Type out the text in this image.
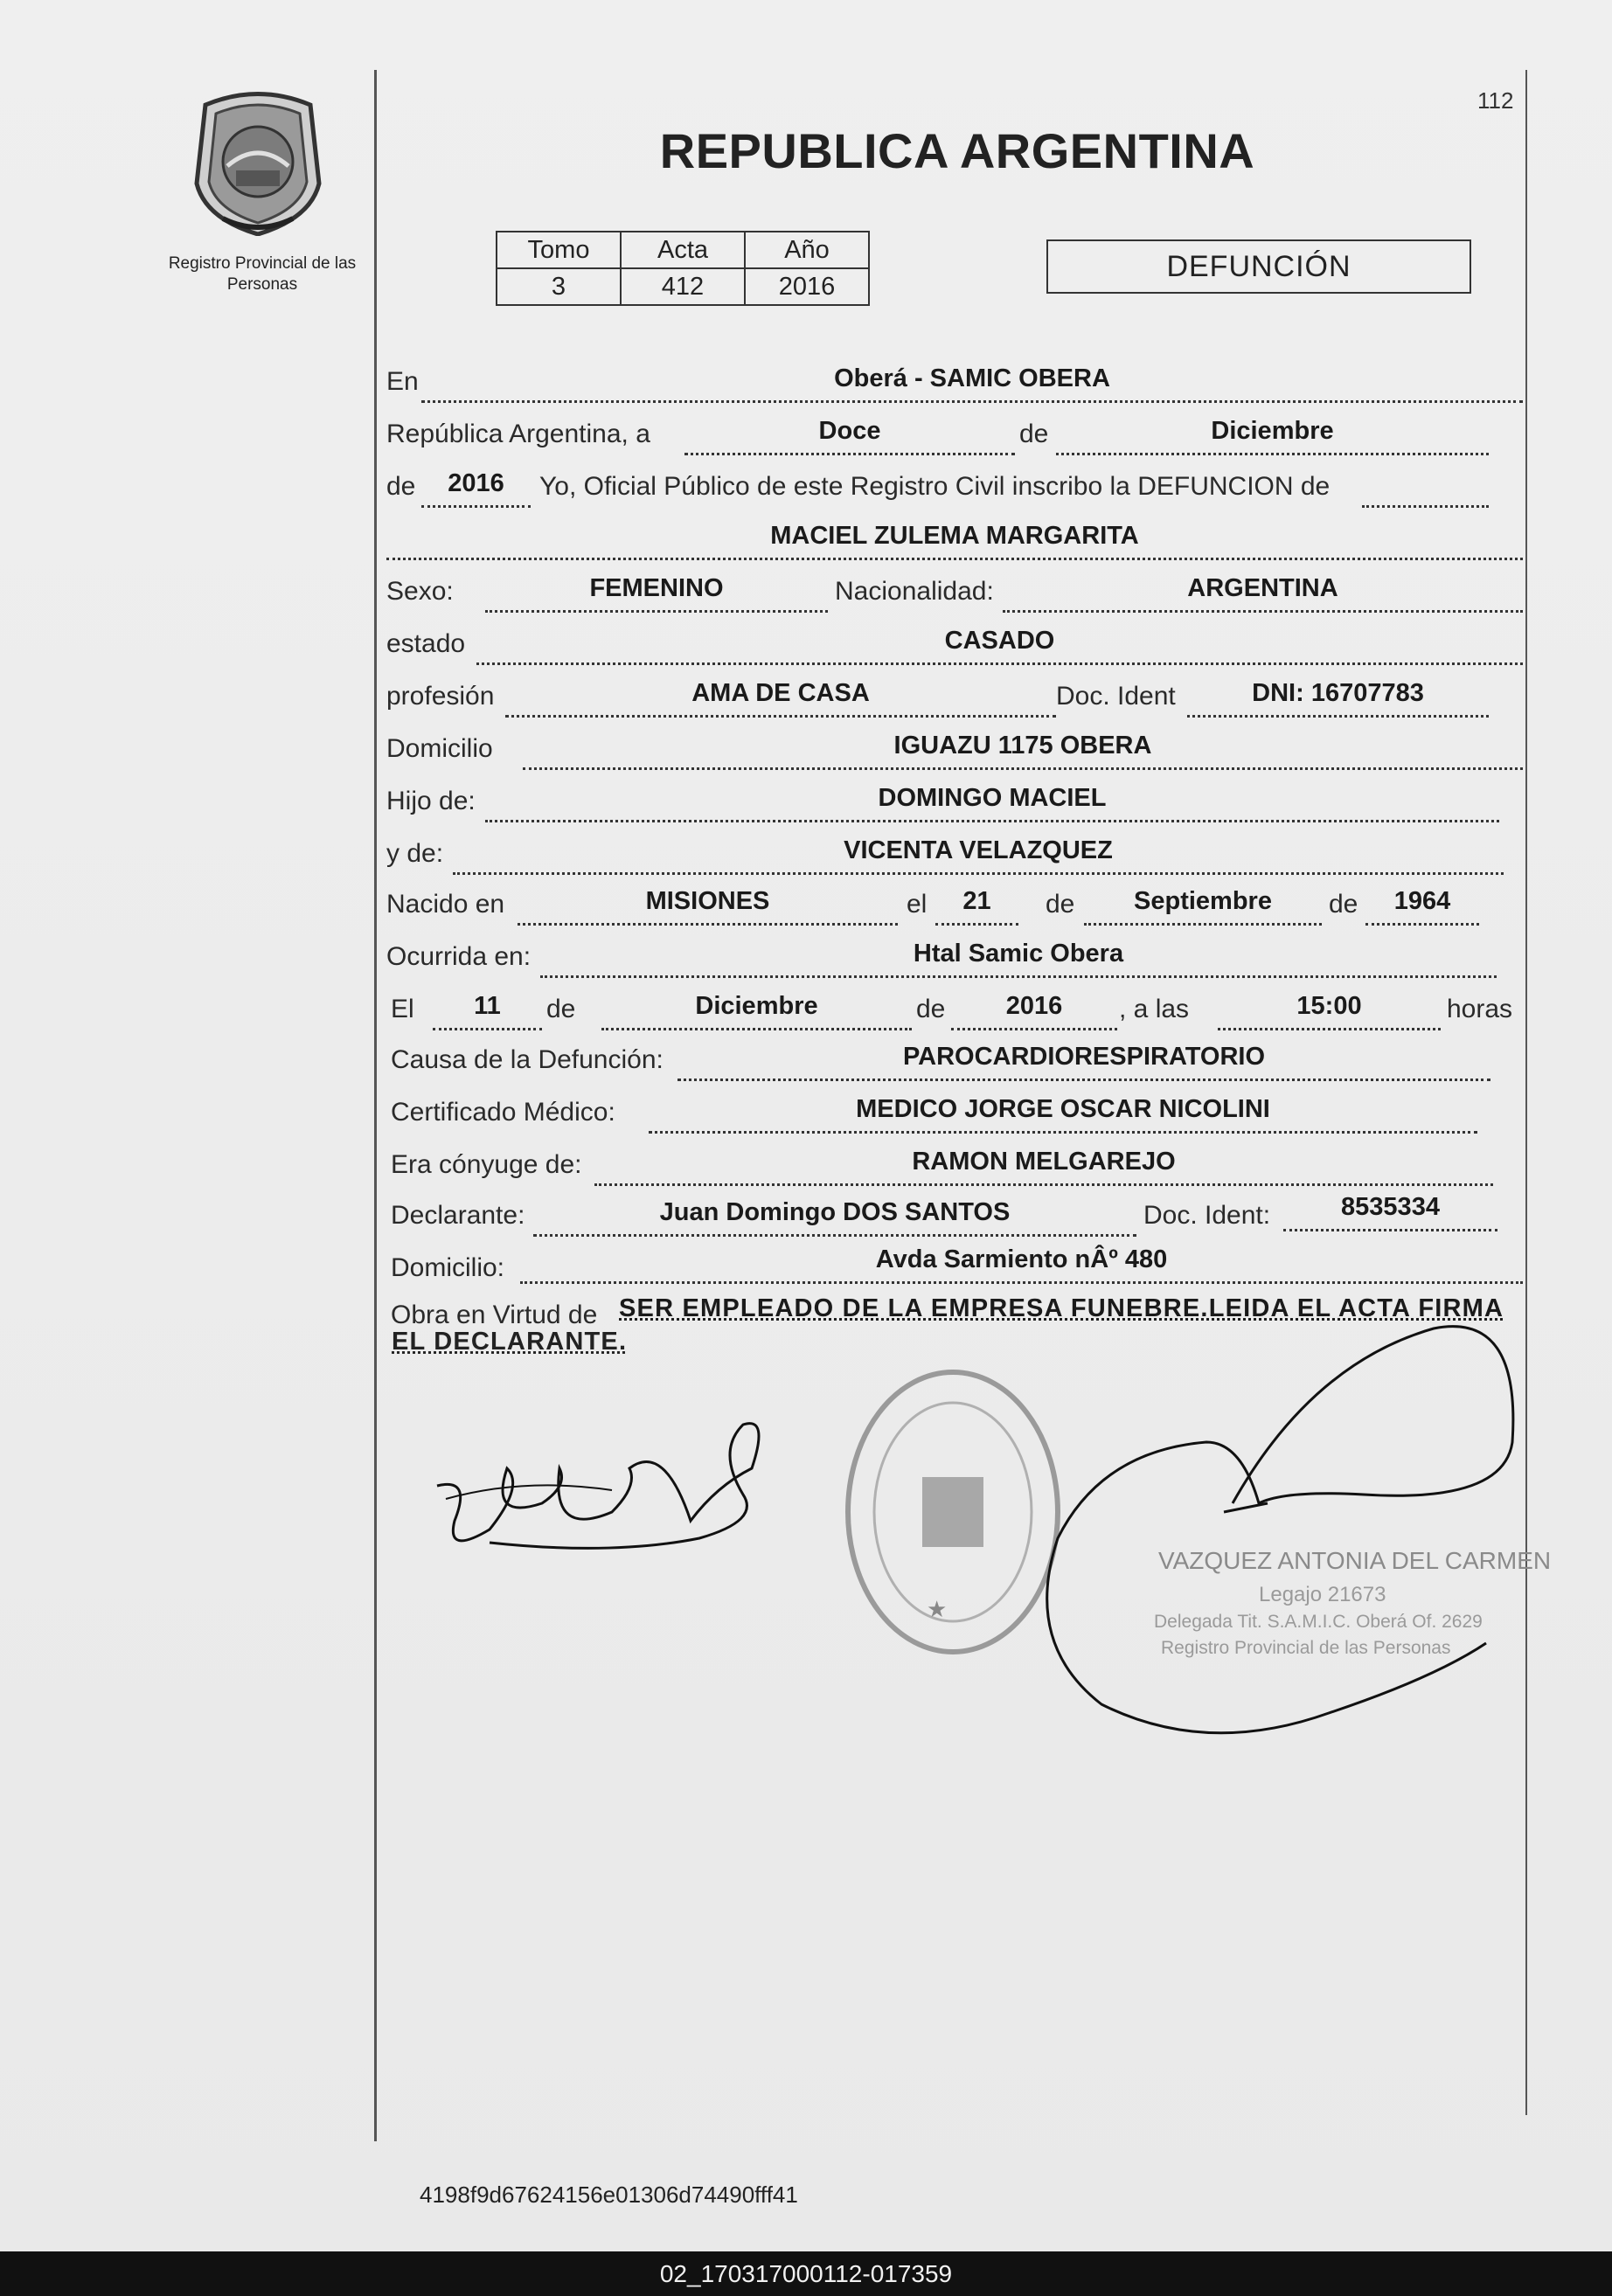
Registro Provincial de las Personas
112
REPUBLICA ARGENTINA
Tomo	Acta	Año
3	412	2016
DEFUNCIÓN
En	Oberá - SAMIC OBERA
República Argentina, a	Doce	de	Diciembre
de	2016	Yo, Oficial Público de este Registro Civil inscribo la DEFUNCION de
MACIEL ZULEMA MARGARITA
Sexo:	FEMENINO	Nacionalidad:	ARGENTINA
estado	CASADO
profesión	AMA DE CASA	Doc. Ident	DNI: 16707783
Domicilio	IGUAZU 1175 OBERA
Hijo de:	DOMINGO MACIEL
y de:	VICENTA VELAZQUEZ
Nacido en	MISIONES	el	21	de	Septiembre	de	1964
Ocurrida en:	Htal Samic Obera
El	11	de	Diciembre	de	2016	, a las	15:00	horas
Causa de la Defunción:	PAROCARDIORESPIRATORIO
Certificado Médico:	MEDICO JORGE OSCAR NICOLINI
Era cónyuge de:	RAMON MELGAREJO
Declarante:	Juan Domingo DOS SANTOS	Doc. Ident:	8535334
Domicilio:	Avda Sarmiento nÂº 480
Obra en Virtud de SER EMPLEADO DE LA EMPRESA FUNEBRE.LEIDA EL ACTA FIRMA
EL DECLARANTE.
★
VAZQUEZ ANTONIA DEL CARMEN
Legajo 21673
Delegada Tit. S.A.M.I.C. Oberá Of. 2629
Registro Provincial de las Personas
4198f9d67624156e01306d74490fff41
02_170317000112-017359
